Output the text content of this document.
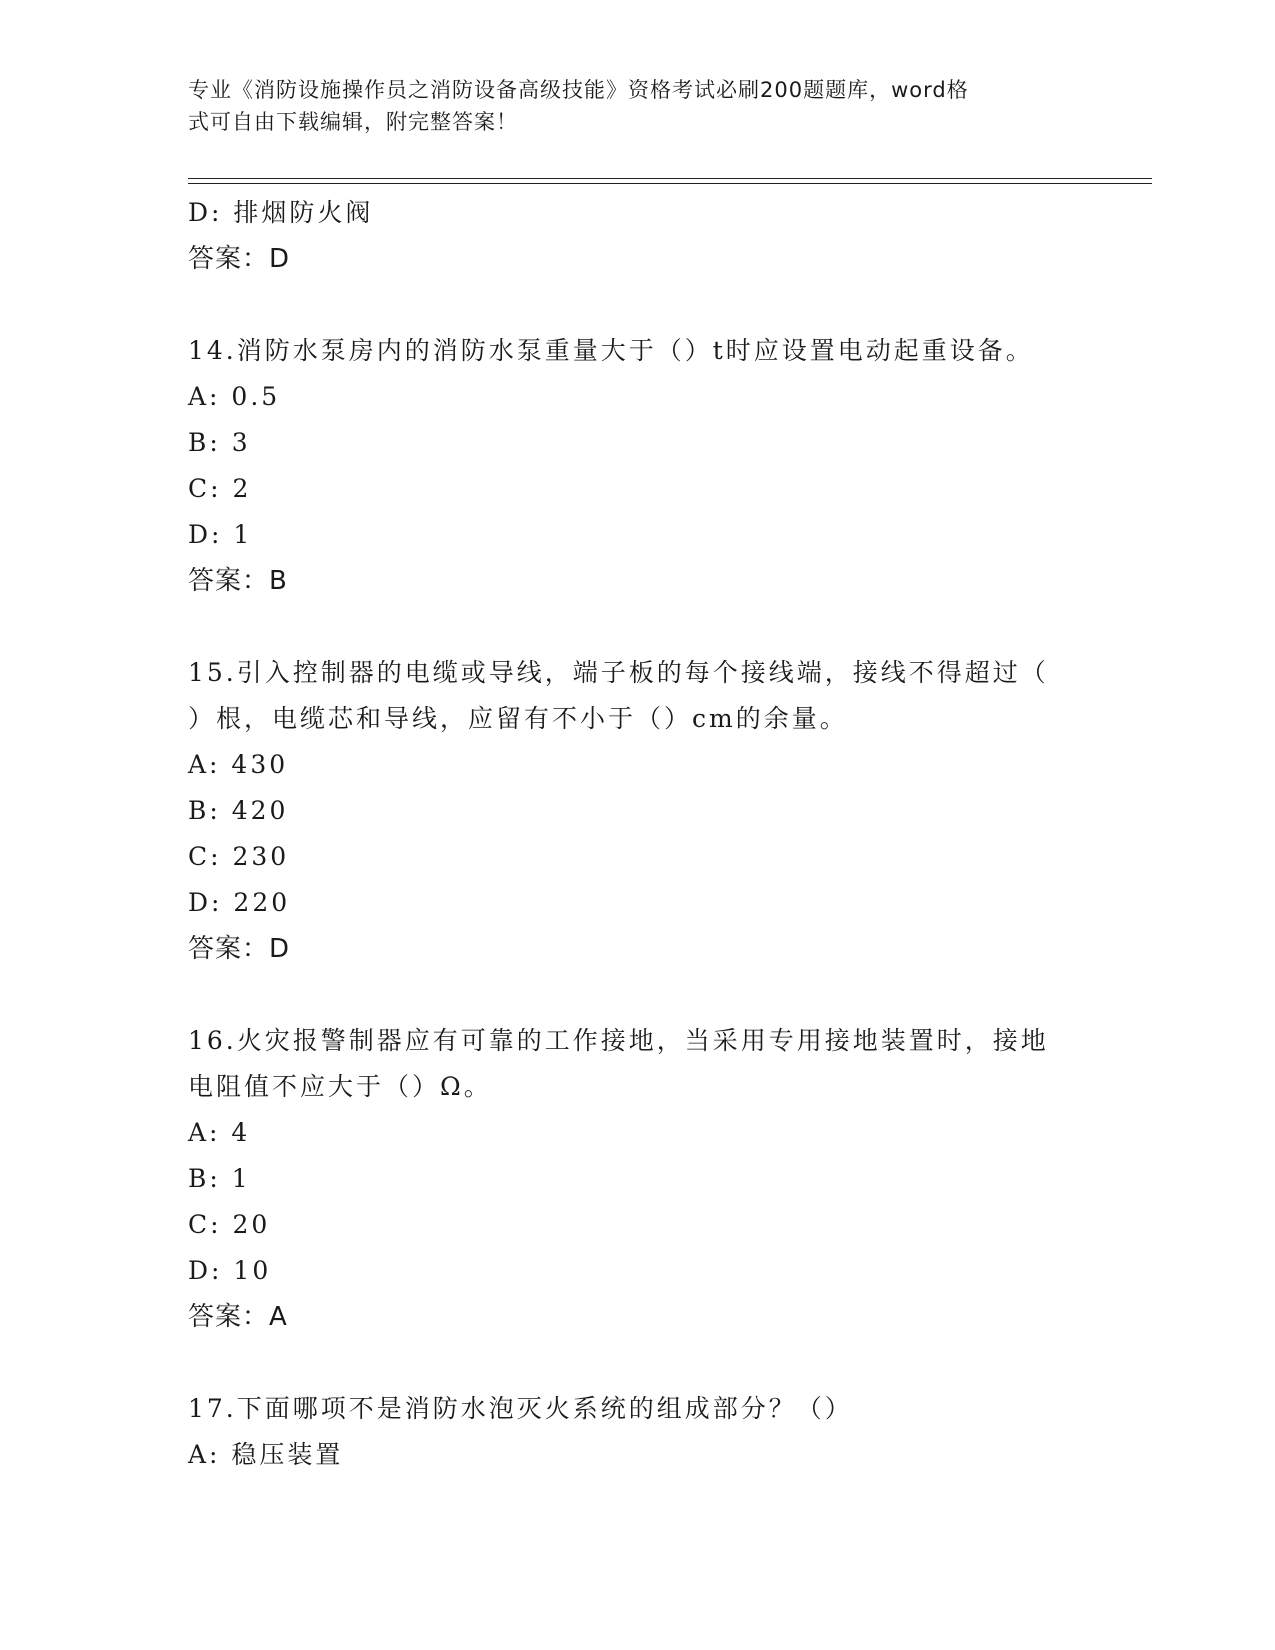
专业《消防设施操作员之消防设备高级技能》资格考试必刷200题题库，word格
式可自由下载编辑，附完整答案！
D: 排烟防火阀
答案：D
14.消防水泵房内的消防水泵重量大于（）t时应设置电动起重设备。
A: 0.5
B: 3
C: 2
D: 1
答案：B
15.引入控制器的电缆或导线，端子板的每个接线端，接线不得超过（
）根，电缆芯和导线，应留有不小于（）cm的余量。
A: 430
B: 420
C: 230
D: 220
答案：D
16.火灾报警制器应有可靠的工作接地，当采用专用接地装置时，接地
电阻值不应大于（）Ω。
A: 4
B: 1
C: 20
D: 10
答案：A
17.下面哪项不是消防水泡灭火系统的组成部分？（）
A: 稳压装置
